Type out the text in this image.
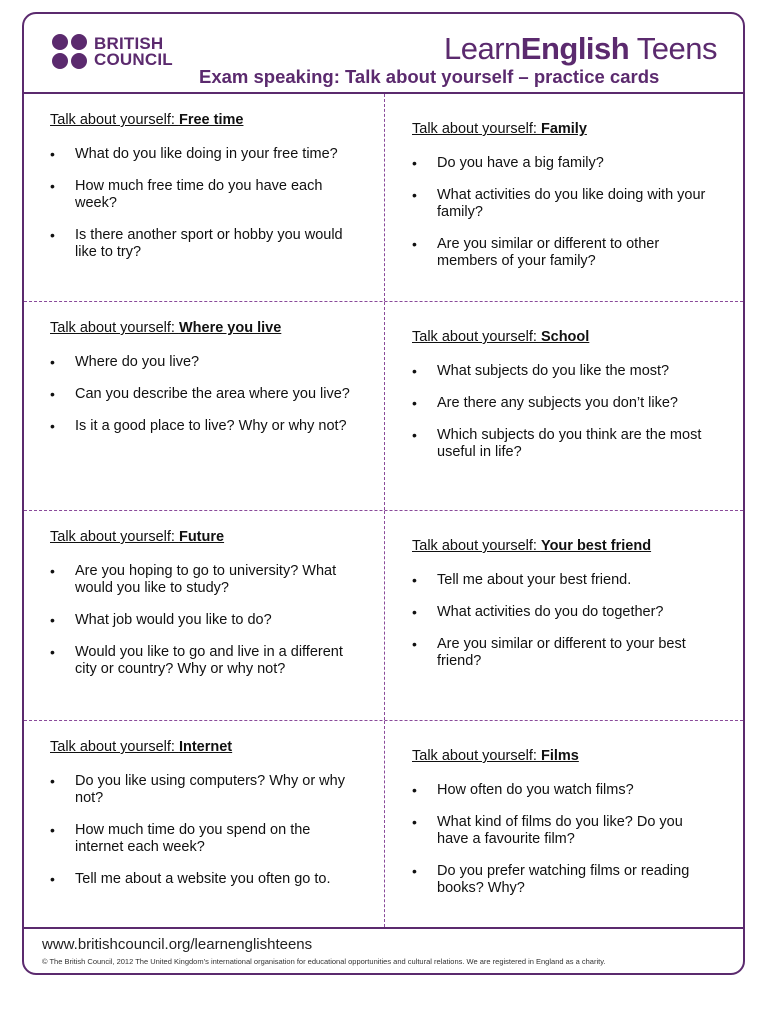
BRITISH
COUNCIL	LearnEnglish Teens
Exam speaking: Talk about yourself – practice cards
Talk about yourself: Free time
• What do you like doing in your free time?
• How much free time do you have each week?
• Is there another sport or hobby you would like to try?
Talk about yourself: Family
• Do you have a big family?
• What activities do you like doing with your family?
• Are you similar or different to other members of your family?
Talk about yourself: Where you live
• Where do you live?
• Can you describe the area where you live?
• Is it a good place to live? Why or why not?
Talk about yourself: School
• What subjects do you like the most?
• Are there any subjects you don’t like?
• Which subjects do you think are the most useful in life?
Talk about yourself: Future
• Are you hoping to go to university? What would you like to study?
• What job would you like to do?
• Would you like to go and live in a different city or country? Why or why not?
Talk about yourself: Your best friend
• Tell me about your best friend.
• What activities do you do together?
• Are you similar or different to your best friend?
Talk about yourself: Internet
• Do you like using computers? Why or why not?
• How much time do you spend on the internet each week?
• Tell me about a website you often go to.
Talk about yourself: Films
• How often do you watch films?
• What kind of films do you like? Do you have a favourite film?
• Do you prefer watching films or reading books? Why?
www.britishcouncil.org/learnenglishteens
© The British Council, 2012 The United Kingdom’s international organisation for educational opportunities and cultural relations. We are registered in England as a charity.
